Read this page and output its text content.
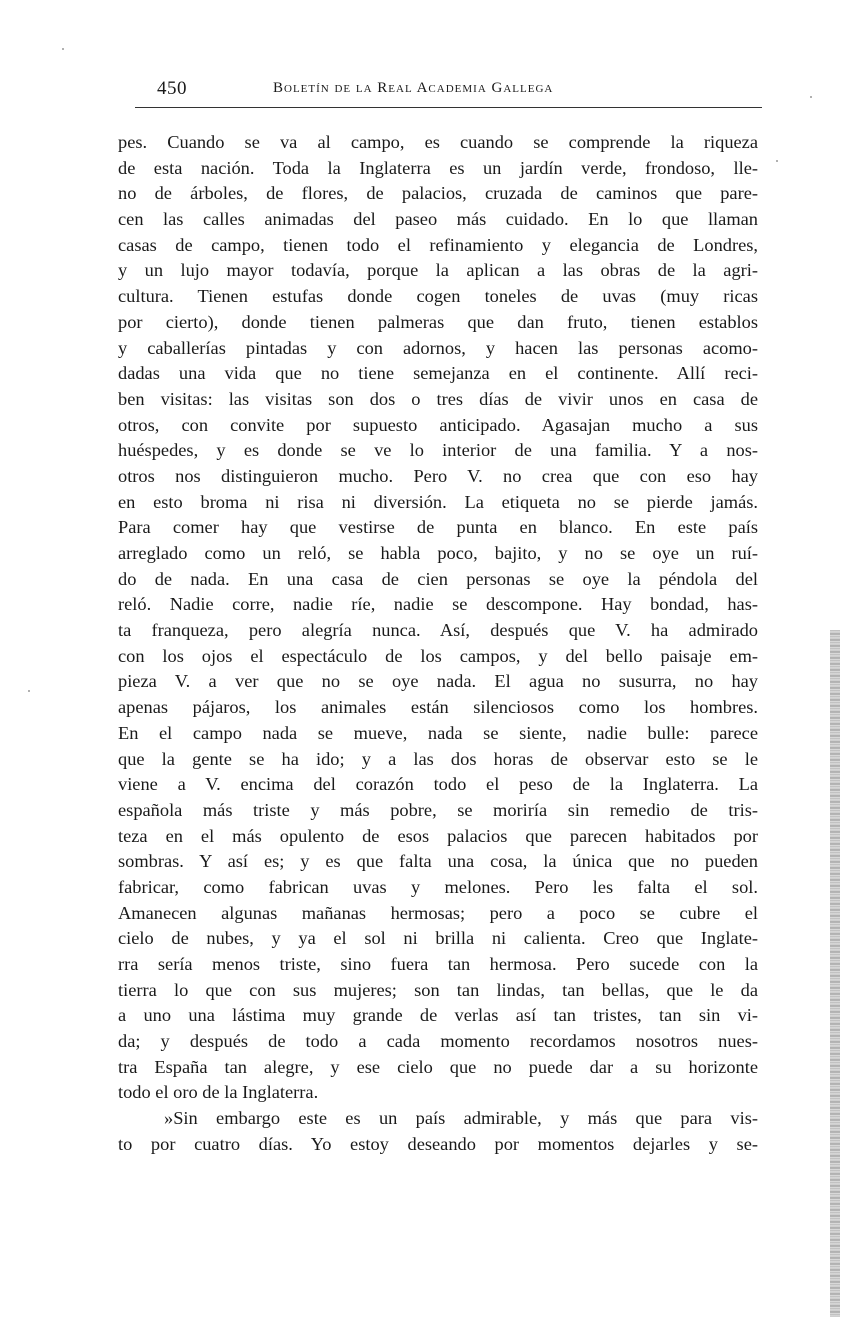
450	Boletín de la Real Academia Gallega
pes. Cuando se va al campo, es cuando se comprende la riqueza
de esta nación. Toda la Inglaterra es un jardín verde, frondoso, lle-
no de árboles, de flores, de palacios, cruzada de caminos que pare-
cen las calles animadas del paseo más cuidado. En lo que llaman
casas de campo, tienen todo el refinamiento y elegancia de Londres,
y un lujo mayor todavía, porque la aplican a las obras de la agri-
cultura. Tienen estufas donde cogen toneles de uvas (muy ricas
por cierto), donde tienen palmeras que dan fruto, tienen establos
y caballerías pintadas y con adornos, y hacen las personas acomo-
dadas una vida que no tiene semejanza en el continente. Allí reci-
ben visitas: las visitas son dos o tres días de vivir unos en casa de
otros, con convite por supuesto anticipado. Agasajan mucho a sus
huéspedes, y es donde se ve lo interior de una familia. Y a nos-
otros nos distinguieron mucho. Pero V. no crea que con eso hay
en esto broma ni risa ni diversión. La etiqueta no se pierde jamás.
Para comer hay que vestirse de punta en blanco. En este país
arreglado como un reló, se habla poco, bajito, y no se oye un ruí-
do de nada. En una casa de cien personas se oye la péndola del
reló. Nadie corre, nadie ríe, nadie se descompone. Hay bondad, has-
ta franqueza, pero alegría nunca. Así, después que V. ha admirado
con los ojos el espectáculo de los campos, y del bello paisaje em-
pieza V. a ver que no se oye nada. El agua no susurra, no hay
apenas pájaros, los animales están silenciosos como los hombres.
En el campo nada se mueve, nada se siente, nadie bulle: parece
que la gente se ha ido; y a las dos horas de observar esto se le
viene a V. encima del corazón todo el peso de la Inglaterra. La
española más triste y más pobre, se moriría sin remedio de tris-
teza en el más opulento de esos palacios que parecen habitados por
sombras. Y así es; y es que falta una cosa, la única que no pueden
fabricar, como fabrican uvas y melones. Pero les falta el sol.
Amanecen algunas mañanas hermosas; pero a poco se cubre el
cielo de nubes, y ya el sol ni brilla ni calienta. Creo que Inglate-
rra sería menos triste, sino fuera tan hermosa. Pero sucede con la
tierra lo que con sus mujeres; son tan lindas, tan bellas, que le da
a uno una lástima muy grande de verlas así tan tristes, tan sin vi-
da; y después de todo a cada momento recordamos nosotros nues-
tra España tan alegre, y ese cielo que no puede dar a su horizonte
todo el oro de la Inglaterra.
»Sin embargo este es un país admirable, y más que para vis-
to por cuatro días. Yo estoy deseando por momentos dejarles y se-
